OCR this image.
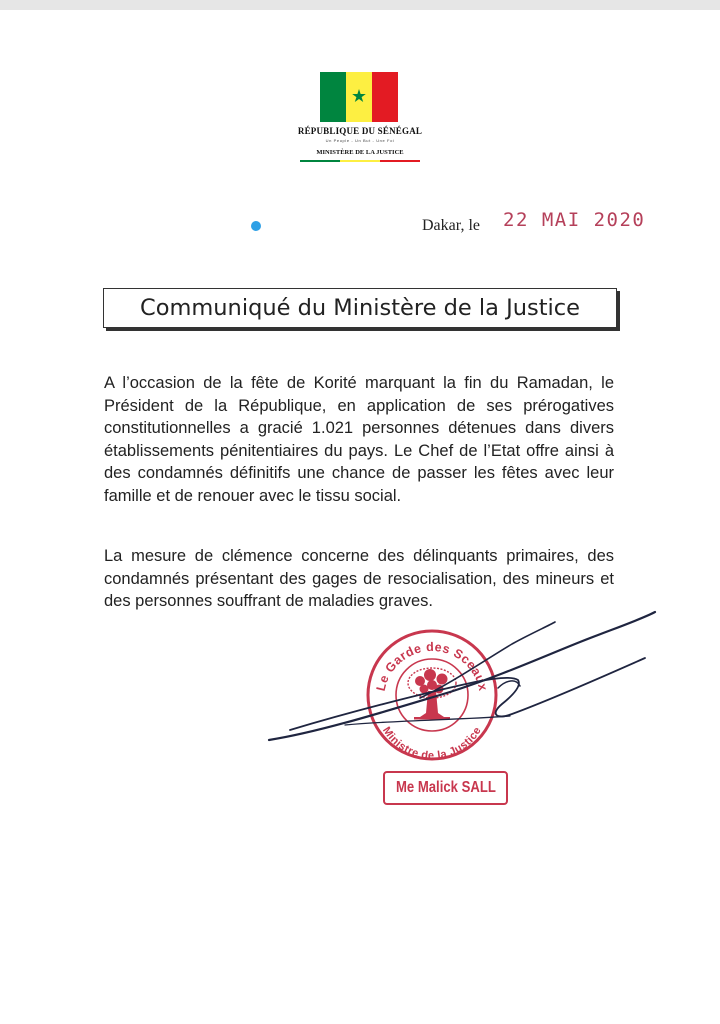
RÉPUBLIQUE DU SÉNÉGAL
Un Peuple - Un But - Une Foi
MINISTÈRE DE LA JUSTICE
Dakar, le 22 MAI 2020
Communiqué du Ministère de la Justice

A l’occasion de la fête de Korité marquant la fin du Ramadan, le Président de la République, en application de ses prérogatives constitutionnelles a gracié 1.021 personnes détenues dans divers établissements pénitentiaires du pays. Le Chef de l’Etat offre ainsi à des condamnés définitifs une chance de passer les fêtes avec leur famille et de renouer avec le tissu social.

La mesure de clémence concerne des délinquants primaires, des condamnés présentant des gages de resocialisation, des mineurs et des personnes souffrant de maladies graves.

Le Garde des Sceaux
Ministre de la Justice
Me Malick SALL
